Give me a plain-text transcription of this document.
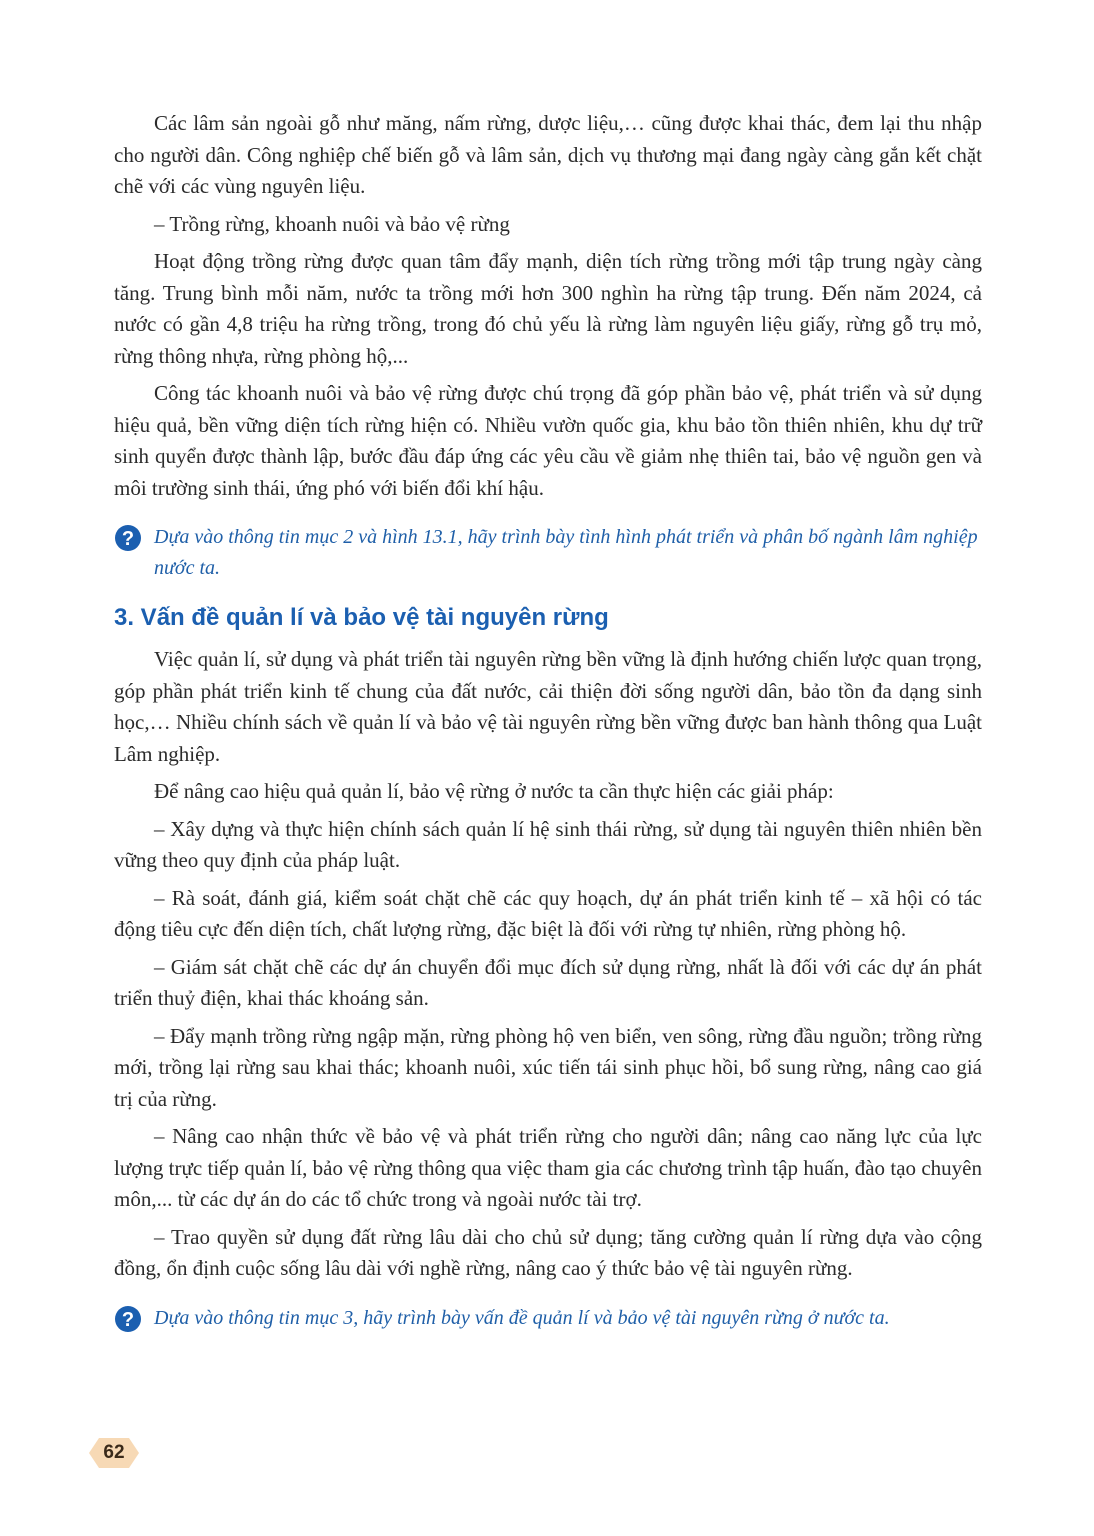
Các lâm sản ngoài gỗ như măng, nấm rừng, dược liệu,… cũng được khai thác, đem lại thu nhập cho người dân. Công nghiệp chế biến gỗ và lâm sản, dịch vụ thương mại đang ngày càng gắn kết chặt chẽ với các vùng nguyên liệu.

– Trồng rừng, khoanh nuôi và bảo vệ rừng

Hoạt động trồng rừng được quan tâm đẩy mạnh, diện tích rừng trồng mới tập trung ngày càng tăng. Trung bình mỗi năm, nước ta trồng mới hơn 300 nghìn ha rừng tập trung. Đến năm 2024, cả nước có gần 4,8 triệu ha rừng trồng, trong đó chủ yếu là rừng làm nguyên liệu giấy, rừng gỗ trụ mỏ, rừng thông nhựa, rừng phòng hộ,...

Công tác khoanh nuôi và bảo vệ rừng được chú trọng đã góp phần bảo vệ, phát triển và sử dụng hiệu quả, bền vững diện tích rừng hiện có. Nhiều vườn quốc gia, khu bảo tồn thiên nhiên, khu dự trữ sinh quyển được thành lập, bước đầu đáp ứng các yêu cầu về giảm nhẹ thiên tai, bảo vệ nguồn gen và môi trường sinh thái, ứng phó với biến đổi khí hậu.

? Dựa vào thông tin mục 2 và hình 13.1, hãy trình bày tình hình phát triển và phân bố ngành lâm nghiệp nước ta.

3. Vấn đề quản lí và bảo vệ tài nguyên rừng

Việc quản lí, sử dụng và phát triển tài nguyên rừng bền vững là định hướng chiến lược quan trọng, góp phần phát triển kinh tế chung của đất nước, cải thiện đời sống người dân, bảo tồn đa dạng sinh học,… Nhiều chính sách về quản lí và bảo vệ tài nguyên rừng bền vững được ban hành thông qua Luật Lâm nghiệp.

Để nâng cao hiệu quả quản lí, bảo vệ rừng ở nước ta cần thực hiện các giải pháp:

– Xây dựng và thực hiện chính sách quản lí hệ sinh thái rừng, sử dụng tài nguyên thiên nhiên bền vững theo quy định của pháp luật.

– Rà soát, đánh giá, kiểm soát chặt chẽ các quy hoạch, dự án phát triển kinh tế – xã hội có tác động tiêu cực đến diện tích, chất lượng rừng, đặc biệt là đối với rừng tự nhiên, rừng phòng hộ.

– Giám sát chặt chẽ các dự án chuyển đổi mục đích sử dụng rừng, nhất là đối với các dự án phát triển thuỷ điện, khai thác khoáng sản.

– Đẩy mạnh trồng rừng ngập mặn, rừng phòng hộ ven biển, ven sông, rừng đầu nguồn; trồng rừng mới, trồng lại rừng sau khai thác; khoanh nuôi, xúc tiến tái sinh phục hồi, bổ sung rừng, nâng cao giá trị của rừng.

– Nâng cao nhận thức về bảo vệ và phát triển rừng cho người dân; nâng cao năng lực của lực lượng trực tiếp quản lí, bảo vệ rừng thông qua việc tham gia các chương trình tập huấn, đào tạo chuyên môn,... từ các dự án do các tổ chức trong và ngoài nước tài trợ.

– Trao quyền sử dụng đất rừng lâu dài cho chủ sử dụng; tăng cường quản lí rừng dựa vào cộng đồng, ổn định cuộc sống lâu dài với nghề rừng, nâng cao ý thức bảo vệ tài nguyên rừng.

? Dựa vào thông tin mục 3, hãy trình bày vấn đề quản lí và bảo vệ tài nguyên rừng ở nước ta.

62
